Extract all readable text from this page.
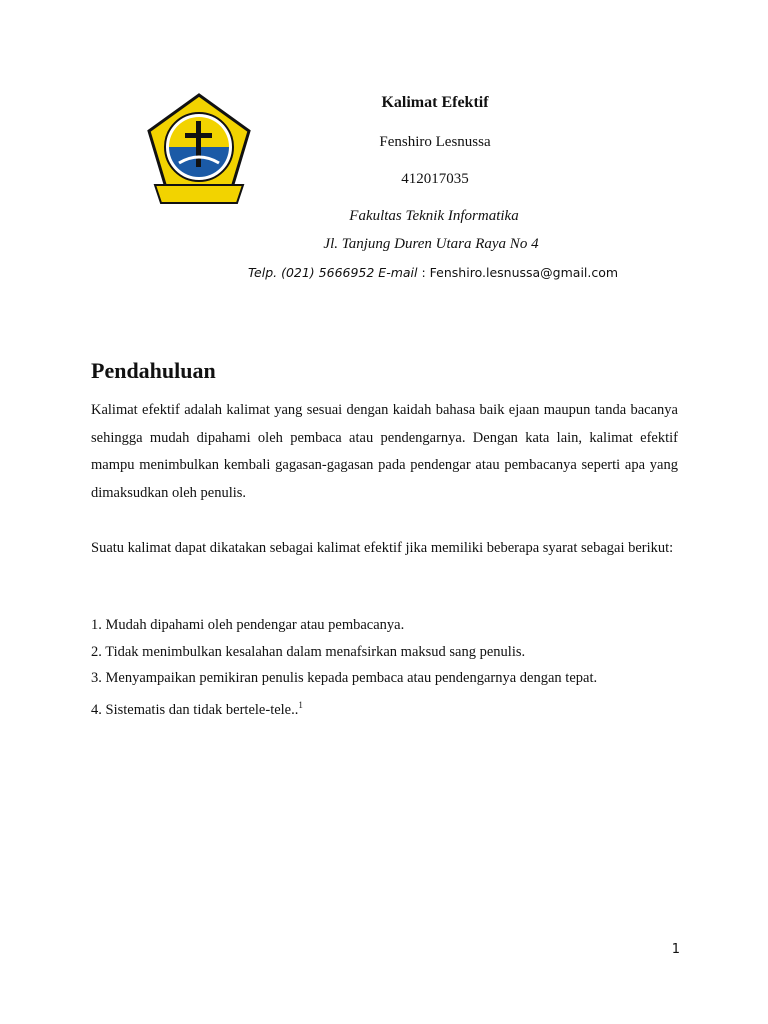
Kalimat Efektif
Fenshiro Lesnussa
412017035
Fakultas Teknik Informatika
Jl. Tanjung Duren Utara Raya No 4
Telp. (021) 5666952 E-mail : Fenshiro.lesnussa@gmail.com
Pendahuluan

Kalimat efektif adalah kalimat yang sesuai dengan kaidah bahasa baik ejaan maupun tanda bacanya sehingga mudah dipahami oleh pembaca atau pendengarnya. Dengan kata lain, kalimat efektif mampu menimbulkan kembali gagasan-gagasan pada pendengar atau pembacanya seperti apa yang dimaksudkan oleh penulis.

Suatu kalimat dapat dikatakan sebagai kalimat efektif jika memiliki beberapa syarat sebagai berikut:

1. Mudah dipahami oleh pendengar atau pembacanya.
2. Tidak menimbulkan kesalahan dalam menafsirkan maksud sang penulis.
3. Menyampaikan pemikiran penulis kepada pembaca atau pendengarnya dengan tepat.
4. Sistematis dan tidak bertele-tele..$^1$
1
